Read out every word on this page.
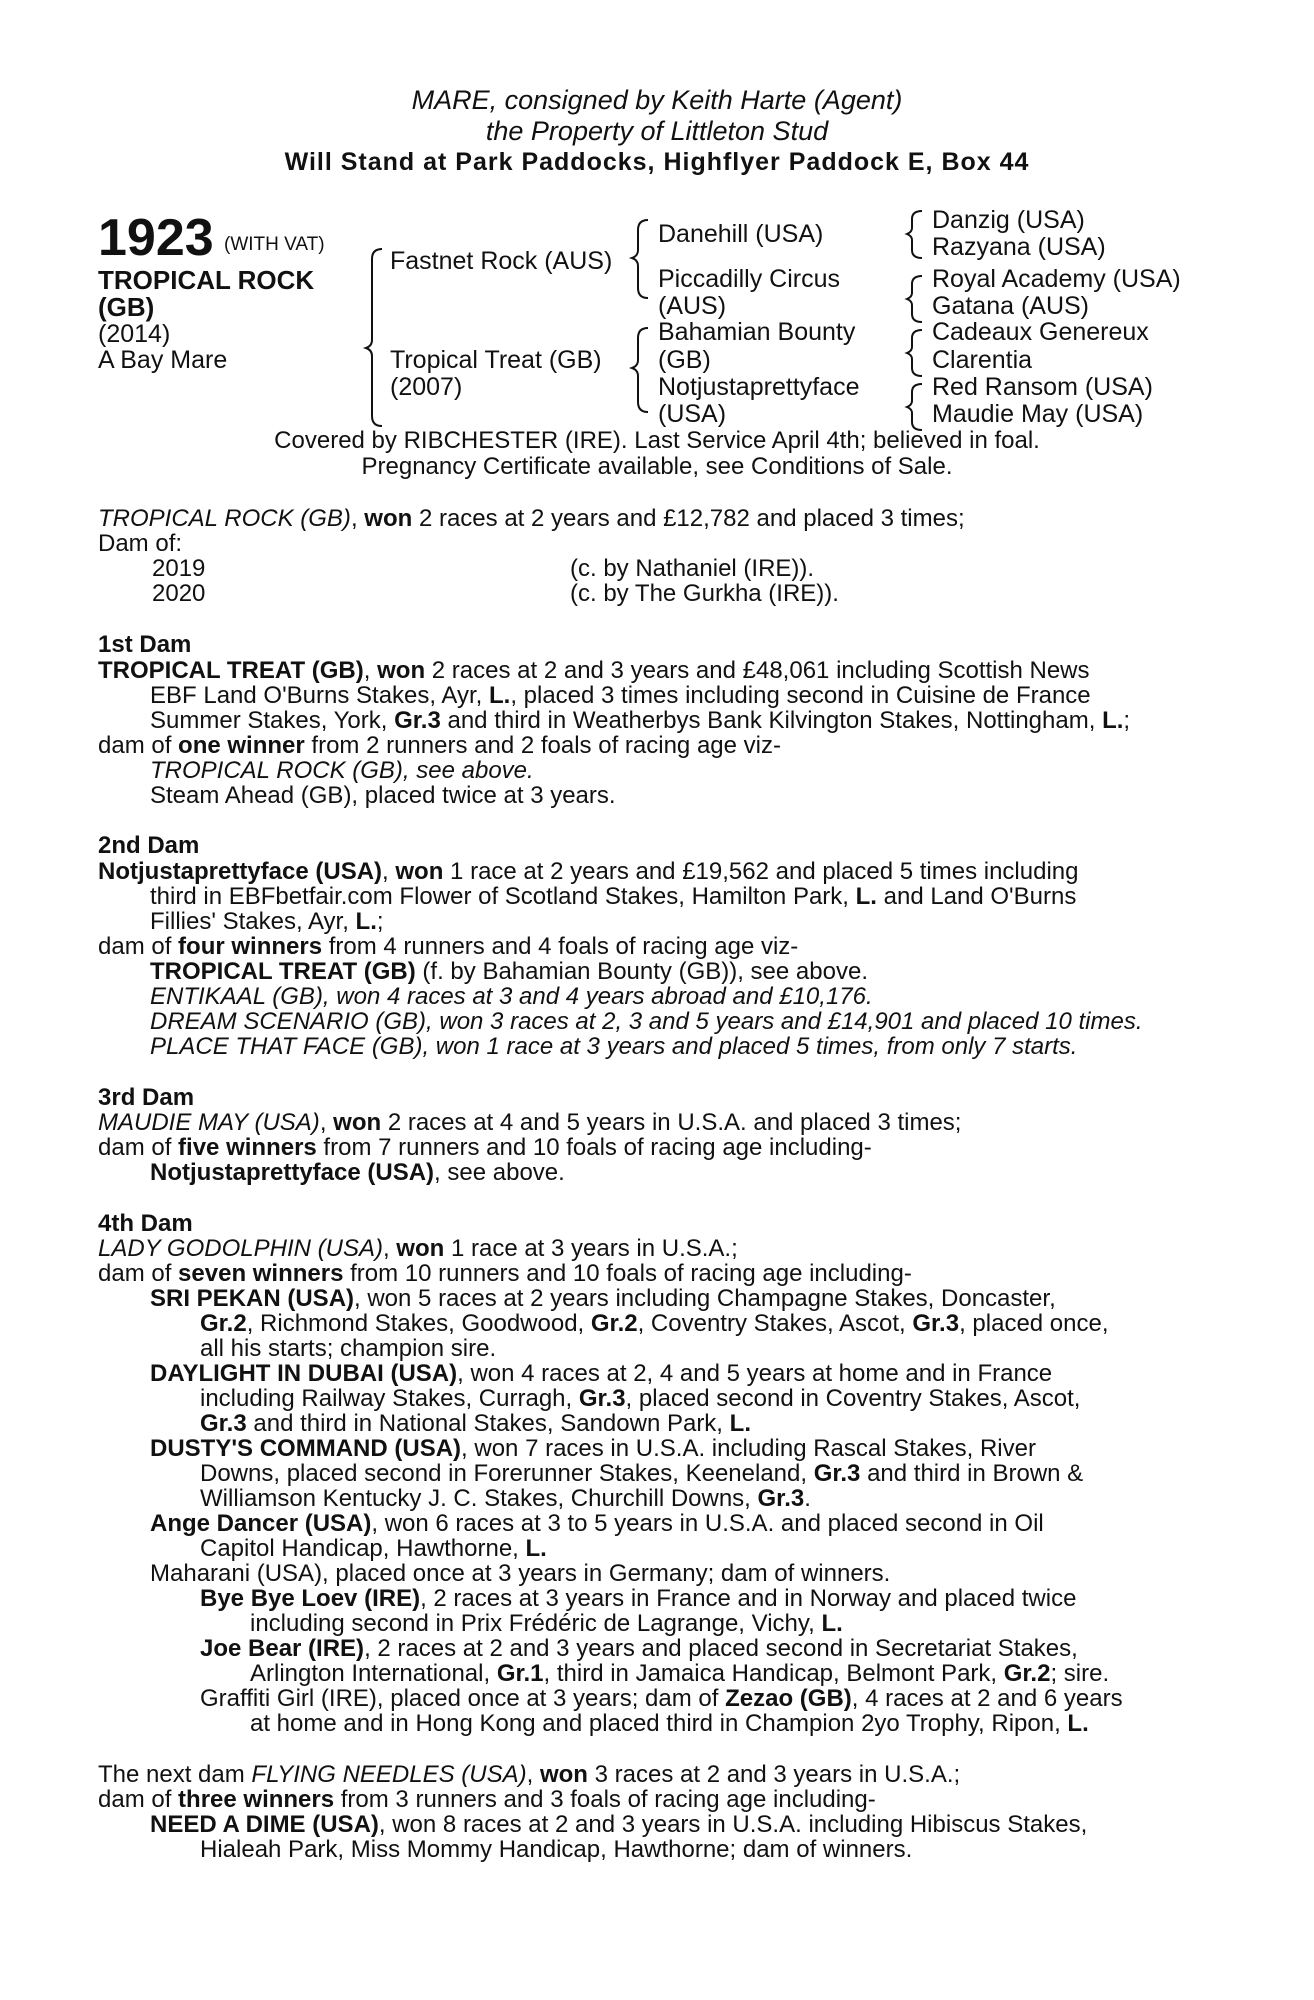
MARE, consigned by Keith Harte (Agent)
the Property of Littleton Stud
Will Stand at Park Paddocks, Highflyer Paddock E, Box 44
1923 (WITH VAT)
TROPICAL ROCK
(GB)
(2014)
A Bay Mare
Fastnet Rock (AUS)
Tropical Treat (GB)
(2007)
Danehill (USA)
Piccadilly Circus
(AUS)
Bahamian Bounty
(GB)
Notjustaprettyface
(USA)
Danzig (USA)
Razyana (USA)
Royal Academy (USA)
Gatana (AUS)
Cadeaux Genereux
Clarentia
Red Ransom (USA)
Maudie May (USA)
Covered by RIBCHESTER (IRE). Last Service April 4th; believed in foal.
Pregnancy Certificate available, see Conditions of Sale.
TROPICAL ROCK (GB), won 2 races at 2 years and £12,782 and placed 3 times;
Dam of:
2019	(c. by Nathaniel (IRE)).
2020	(c. by The Gurkha (IRE)).
1st Dam
TROPICAL TREAT (GB), won 2 races at 2 and 3 years and £48,061 including Scottish News
EBF Land O'Burns Stakes, Ayr, L., placed 3 times including second in Cuisine de France
Summer Stakes, York, Gr.3 and third in Weatherbys Bank Kilvington Stakes, Nottingham, L.;
dam of one winner from 2 runners and 2 foals of racing age viz-
TROPICAL ROCK (GB), see above.
Steam Ahead (GB), placed twice at 3 years.
2nd Dam
Notjustaprettyface (USA), won 1 race at 2 years and £19,562 and placed 5 times including
third in EBFbetfair.com Flower of Scotland Stakes, Hamilton Park, L. and Land O'Burns
Fillies' Stakes, Ayr, L.;
dam of four winners from 4 runners and 4 foals of racing age viz-
TROPICAL TREAT (GB) (f. by Bahamian Bounty (GB)), see above.
ENTIKAAL (GB), won 4 races at 3 and 4 years abroad and £10,176.
DREAM SCENARIO (GB), won 3 races at 2, 3 and 5 years and £14,901 and placed 10 times.
PLACE THAT FACE (GB), won 1 race at 3 years and placed 5 times, from only 7 starts.
3rd Dam
MAUDIE MAY (USA), won 2 races at 4 and 5 years in U.S.A. and placed 3 times;
dam of five winners from 7 runners and 10 foals of racing age including-
Notjustaprettyface (USA), see above.
4th Dam
LADY GODOLPHIN (USA), won 1 race at 3 years in U.S.A.;
dam of seven winners from 10 runners and 10 foals of racing age including-
SRI PEKAN (USA), won 5 races at 2 years including Champagne Stakes, Doncaster,
Gr.2, Richmond Stakes, Goodwood, Gr.2, Coventry Stakes, Ascot, Gr.3, placed once,
all his starts; champion sire.
DAYLIGHT IN DUBAI (USA), won 4 races at 2, 4 and 5 years at home and in France
including Railway Stakes, Curragh, Gr.3, placed second in Coventry Stakes, Ascot,
Gr.3 and third in National Stakes, Sandown Park, L.
DUSTY'S COMMAND (USA), won 7 races in U.S.A. including Rascal Stakes, River
Downs, placed second in Forerunner Stakes, Keeneland, Gr.3 and third in Brown &
Williamson Kentucky J. C. Stakes, Churchill Downs, Gr.3.
Ange Dancer (USA), won 6 races at 3 to 5 years in U.S.A. and placed second in Oil
Capitol Handicap, Hawthorne, L.
Maharani (USA), placed once at 3 years in Germany; dam of winners.
Bye Bye Loev (IRE), 2 races at 3 years in France and in Norway and placed twice
including second in Prix Frédéric de Lagrange, Vichy, L.
Joe Bear (IRE), 2 races at 2 and 3 years and placed second in Secretariat Stakes,
Arlington International, Gr.1, third in Jamaica Handicap, Belmont Park, Gr.2; sire.
Graffiti Girl (IRE), placed once at 3 years; dam of Zezao (GB), 4 races at 2 and 6 years
at home and in Hong Kong and placed third in Champion 2yo Trophy, Ripon, L.
The next dam FLYING NEEDLES (USA), won 3 races at 2 and 3 years in U.S.A.;
dam of three winners from 3 runners and 3 foals of racing age including-
NEED A DIME (USA), won 8 races at 2 and 3 years in U.S.A. including Hibiscus Stakes,
Hialeah Park, Miss Mommy Handicap, Hawthorne; dam of winners.
